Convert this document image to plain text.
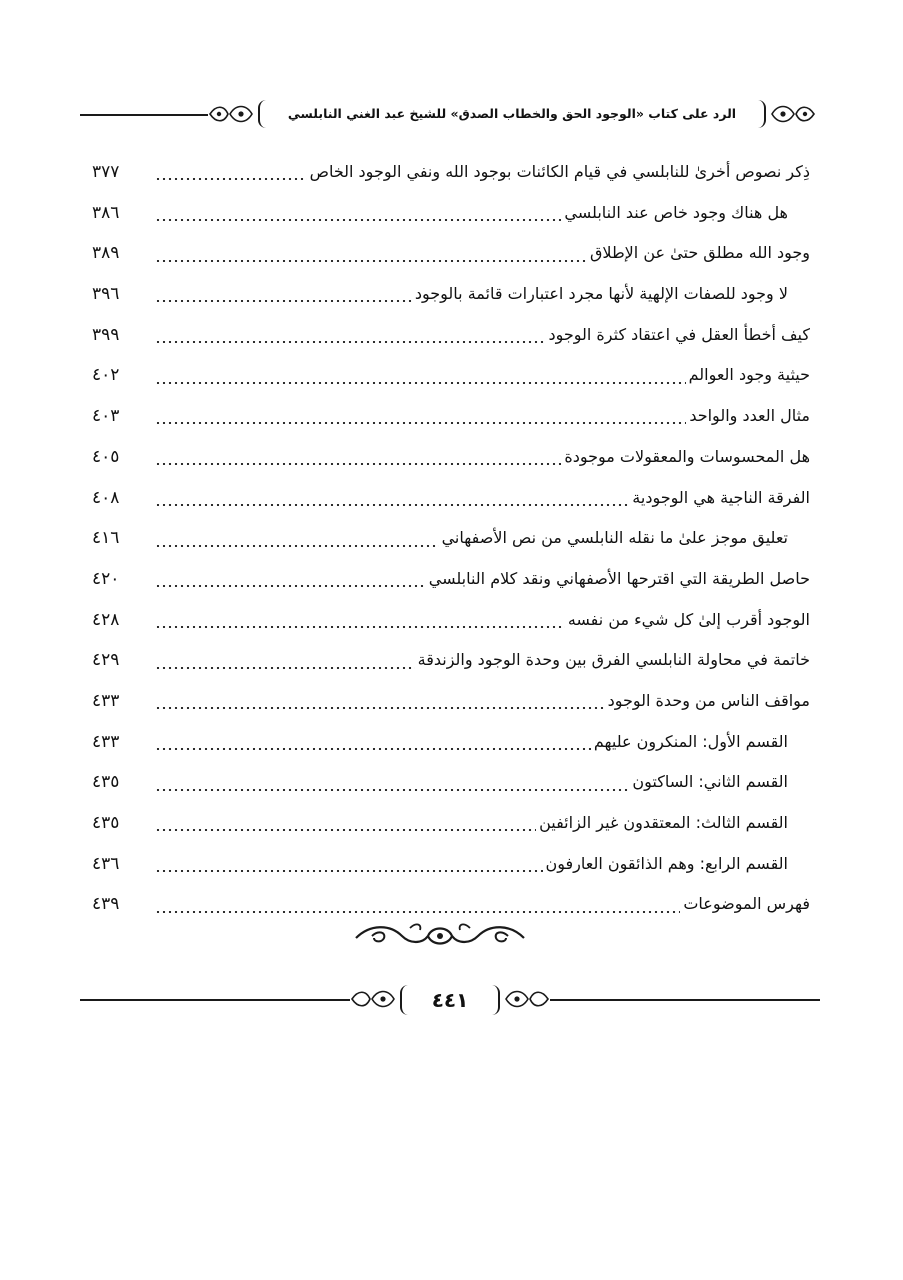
الرد على كتاب «الوجود الحق والخطاب الصدق» للشيخ عبد الغني النابلسي
ذِكر نصوص أخرىٰ للنابلسي في قيام الكائنات بوجود الله ونفي الوجود الخاص
٣٧٧
هل هناك وجود خاص عند النابلسي
٣٨٦
وجود الله مطلق حتىٰ عن الإطلاق
٣٨٩
لا وجود للصفات الإلهية لأنها مجرد اعتبارات قائمة بالوجود
٣٩٦
كيف أخطأ العقل في اعتقاد كثرة الوجود
٣٩٩
حيثية وجود العوالم
٤٠٢
مثال العدد والواحد
٤٠٣
هل المحسوسات والمعقولات موجودة
٤٠٥
الفرقة الناجية هي الوجودية
٤٠٨
تعليق موجز علىٰ ما نقله النابلسي من نص الأصفهاني
٤١٦
حاصل الطريقة التي اقترحها الأصفهاني ونقد كلام النابلسي
٤٢٠
الوجود أقرب إلىٰ كل شيء من نفسه
٤٢٨
خاتمة في محاولة النابلسي الفرق بين وحدة الوجود والزندقة
٤٢٩
مواقف الناس من وحدة الوجود
٤٣٣
القسم الأول: المنكرون عليهم
٤٣٣
القسم الثاني: الساكتون
٤٣٥
القسم الثالث: المعتقدون غير الزائفين
٤٣٥
القسم الرابع: وهم الذائقون العارفون
٤٣٦
فهرس الموضوعات
٤٣٩
٤٤١
